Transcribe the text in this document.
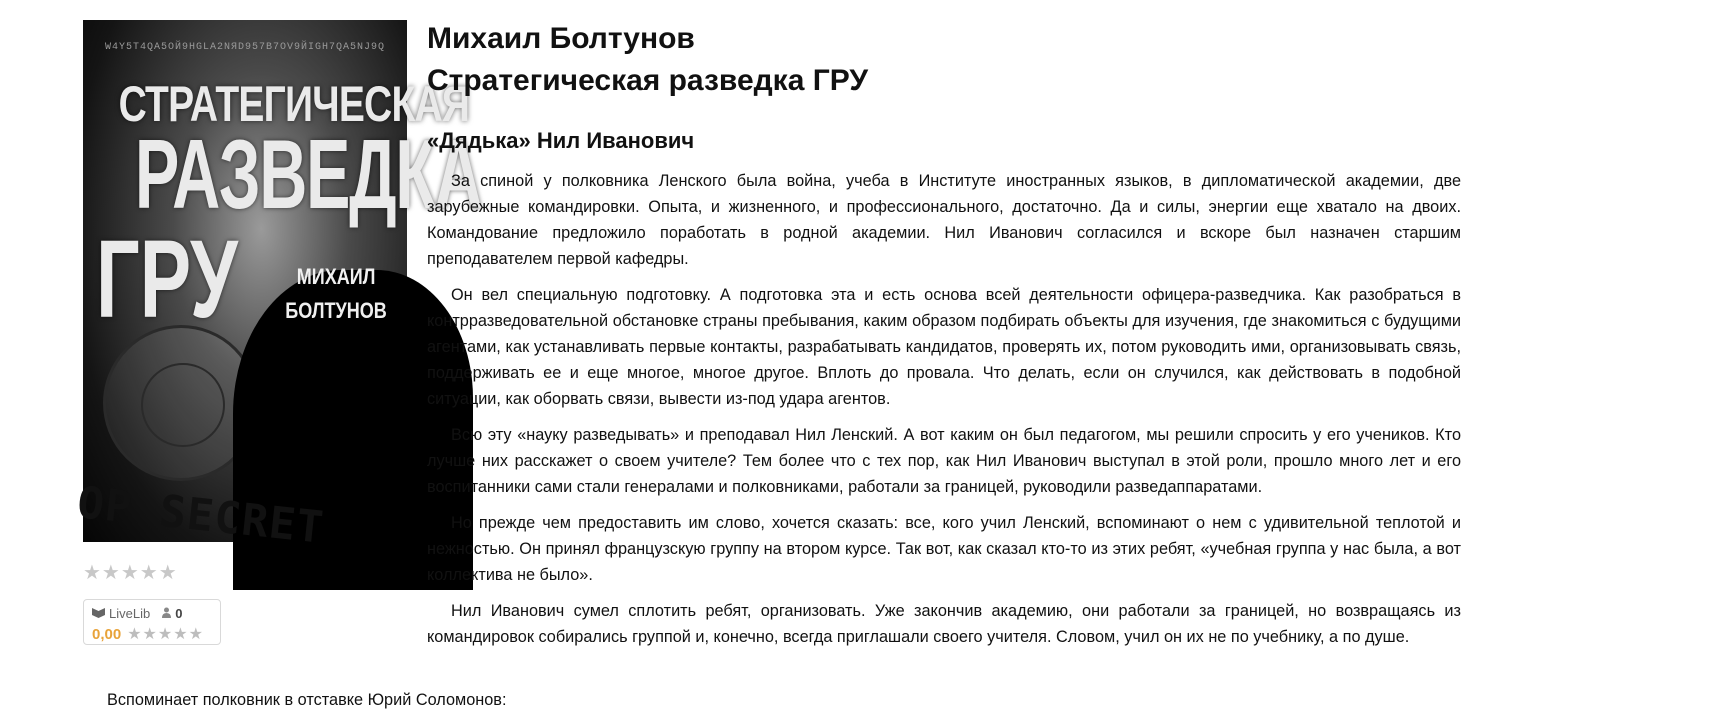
W4Y5T4QA5OЙ9HGLA2NЯD957B7OV9ЙIGH7QA5NJ9Q
СТРАТЕГИЧЕСКАЯ
РАЗВЕДКА
ГРУ	МИХАИЛ
БОЛТУНОВ
OP SECRET
★★★★★
LiveLib 0
0,00 ★★★★★
Михаил Болтунов
Стратегическая разведка ГРУ
«Дядька» Нил Иванович

За спиной у полковника Ленского была война, учеба в Институте иностранных языков, в дипломатической академии, две зарубежные командировки. Опыта, и жизненного, и профессионального, достаточно. Да и силы, энергии еще хватало на двоих. Командование предложило поработать в родной академии. Нил Иванович согласился и вскоре был назначен старшим преподавателем первой кафедры.

Он вел специальную подготовку. А подготовка эта и есть основа всей деятельности офицера-разведчика. Как разобраться в контрразведовательной обстановке страны пребывания, каким образом подбирать объекты для изучения, где знакомиться с будущими агентами, как устанавливать первые контакты, разрабатывать кандидатов, проверять их, потом руководить ими, организовывать связь, поддерживать ее и еще многое, многое другое. Вплоть до провала. Что делать, если он случился, как действовать в подобной ситуации, как оборвать связи, вывести из-под удара агентов.

Всю эту «науку разведывать» и преподавал Нил Ленский. А вот каким он был педагогом, мы решили спросить у его учеников. Кто лучше них расскажет о своем учителе? Тем более что с тех пор, как Нил Иванович выступал в этой роли, прошло много лет и его воспитанники сами стали генералами и полковниками, работали за границей, руководили разведаппаратами.

Но прежде чем предоставить им слово, хочется сказать: все, кого учил Ленский, вспоминают о нем с удивительной теплотой и нежностью. Он принял французскую группу на втором курсе. Так вот, как сказал кто-то из этих ребят, «учебная группа у нас была, а вот коллектива не было».

Нил Иванович сумел сплотить ребят, организовать. Уже закончив академию, они работали за границей, но возвращаясь из командировок собирались группой и, конечно, всегда приглашали своего учителя. Словом, учил он их не по учебнику, а по душе.

Вспоминает полковник в отставке Юрий Соломонов:
